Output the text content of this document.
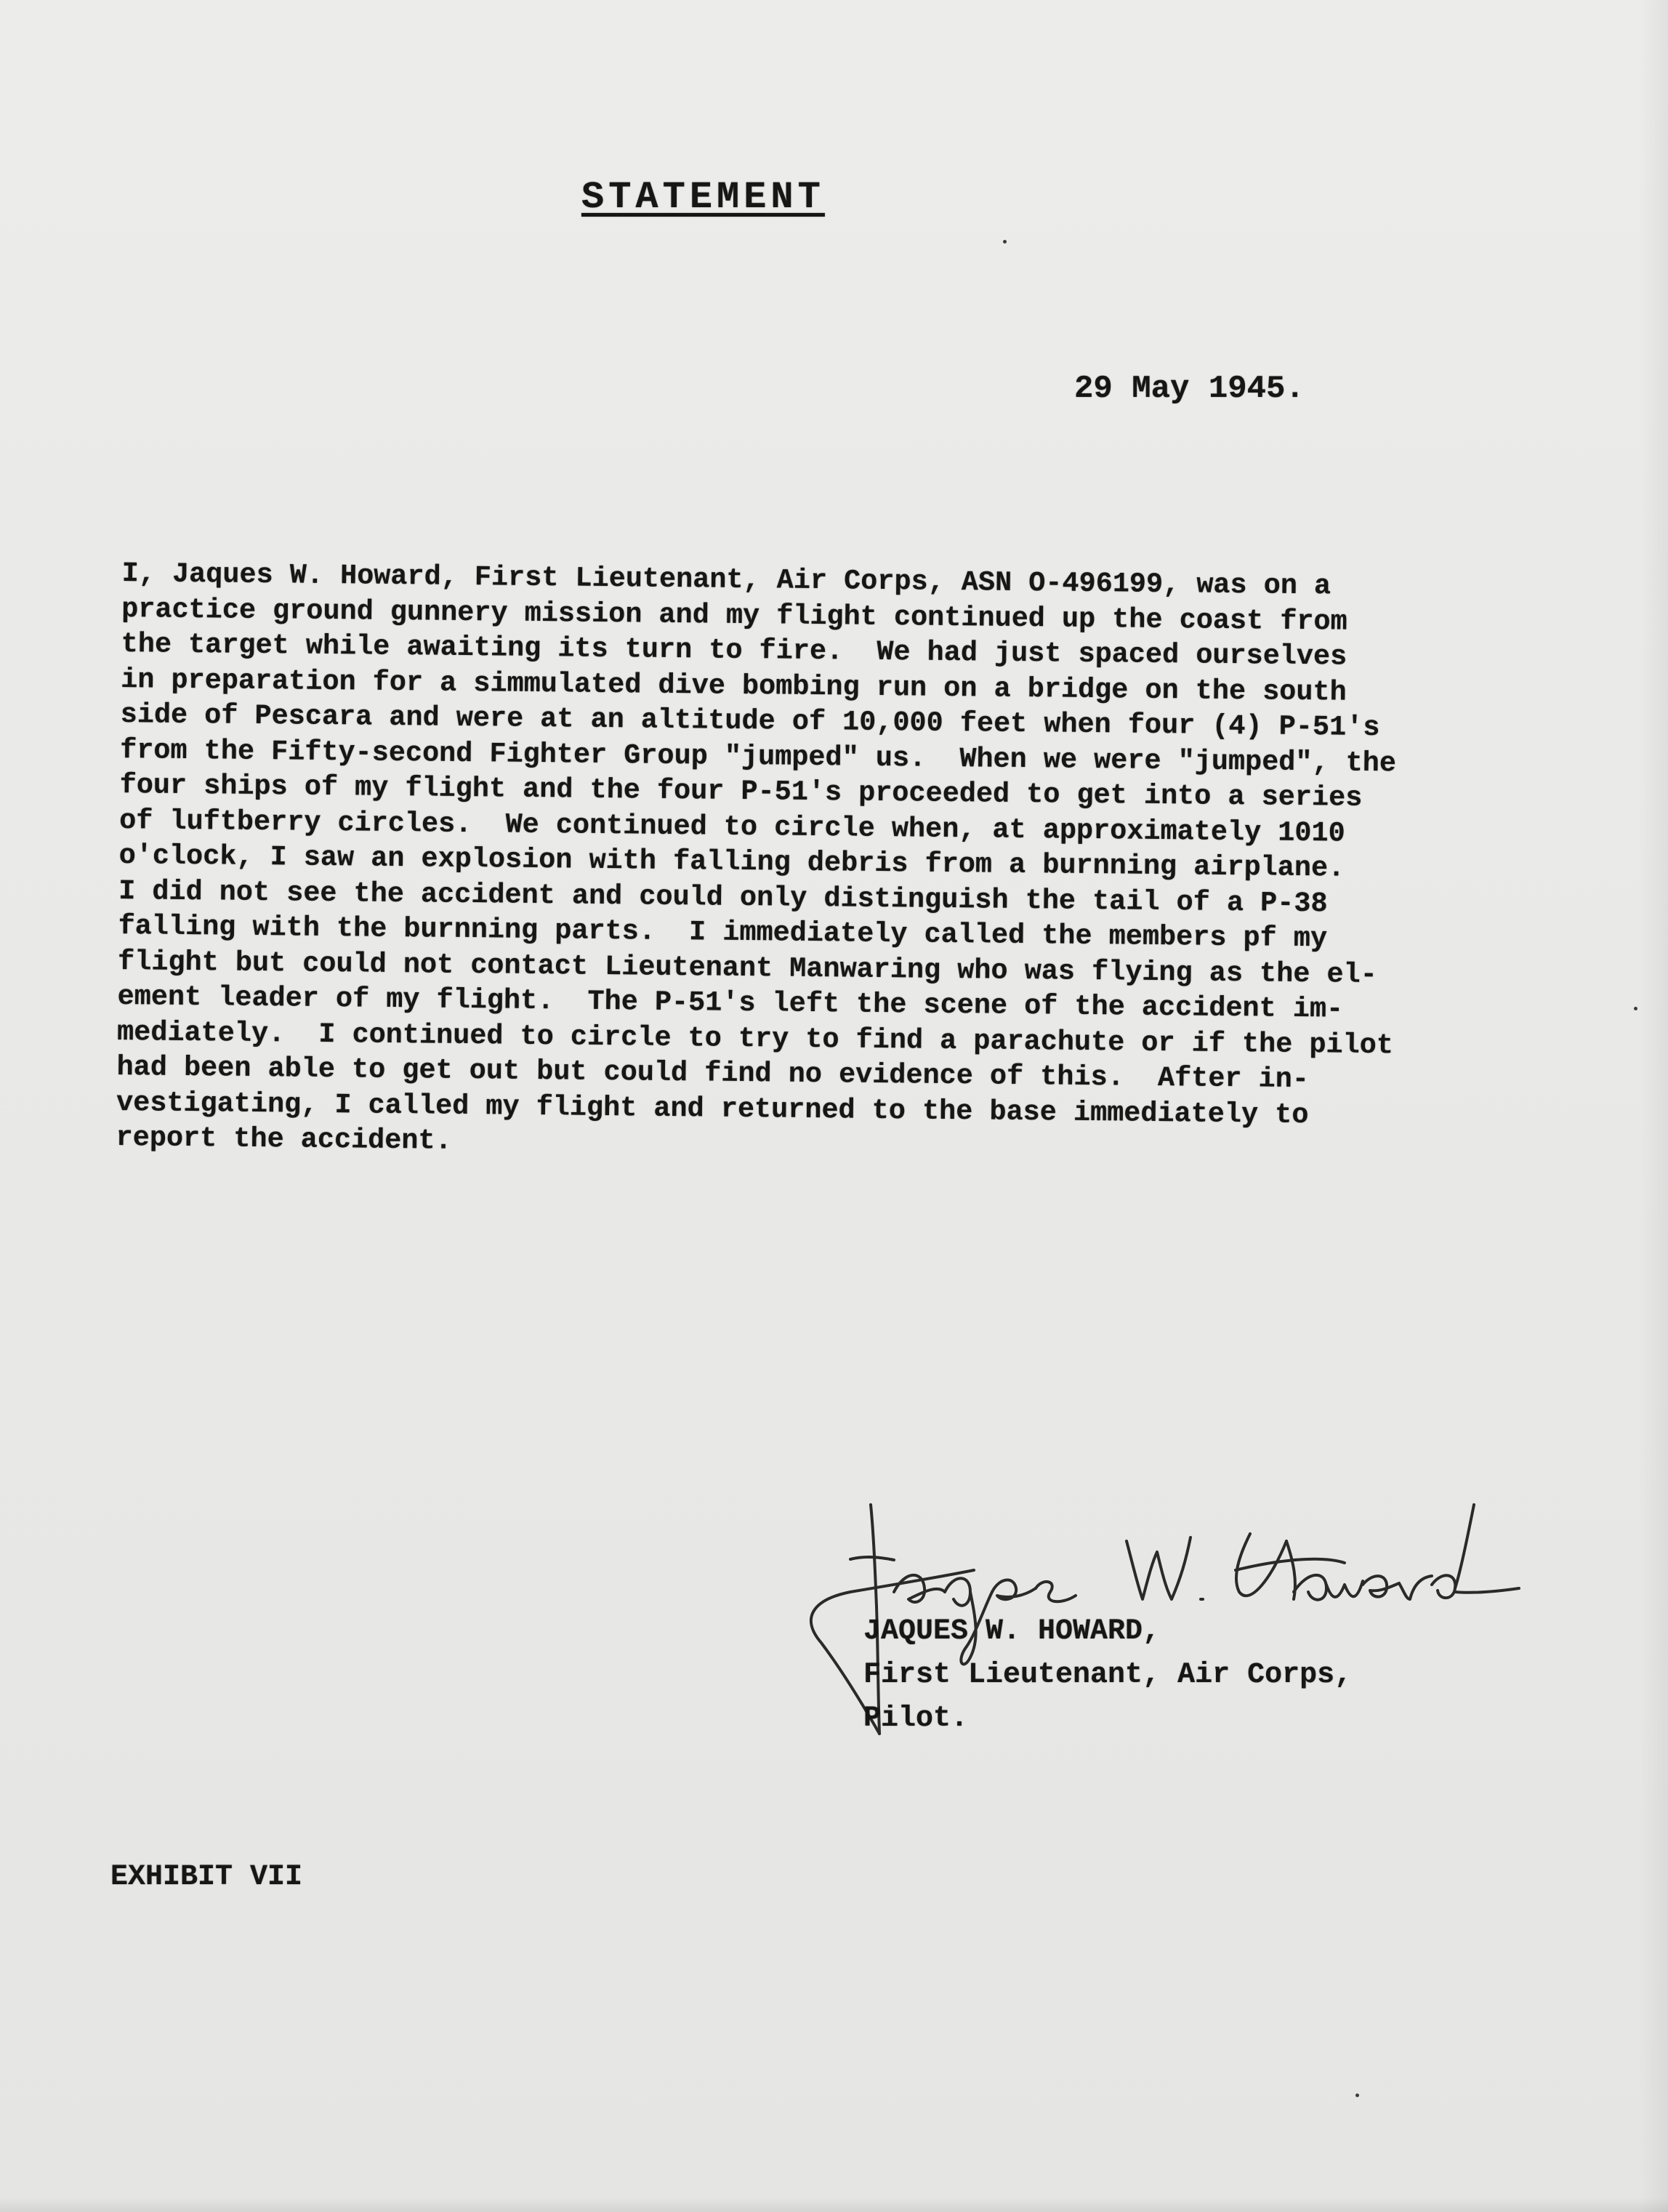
STATEMENT
29 May 1945.
I, Jaques W. Howard, First Lieutenant, Air Corps, ASN O-496199, was on a
practice ground gunnery mission and my flight continued up the coast from
the target while awaiting its turn to fire.  We had just spaced ourselves
in preparation for a simmulated dive bombing run on a bridge on the south
side of Pescara and were at an altitude of 10,000 feet when four (4) P-51's
from the Fifty-second Fighter Group "jumped" us.  When we were "jumped", the
four ships of my flight and the four P-51's proceeded to get into a series
of luftberry circles.  We continued to circle when, at approximately 1010
o'clock, I saw an explosion with falling debris from a burnning airplane.
I did not see the accident and could only distinguish the tail of a P-38
falling with the burnning parts.  I immediately called the members pf my
flight but could not contact Lieutenant Manwaring who was flying as the el-
ement leader of my flight.  The P-51's left the scene of the accident im-
mediately.  I continued to circle to try to find a parachute or if the pilot
had been able to get out but could find no evidence of this.  After in-
vestigating, I called my flight and returned to the base immediately to
report the accident.
JAQUES W. HOWARD,
First Lieutenant, Air Corps,
Pilot.
EXHIBIT VII
